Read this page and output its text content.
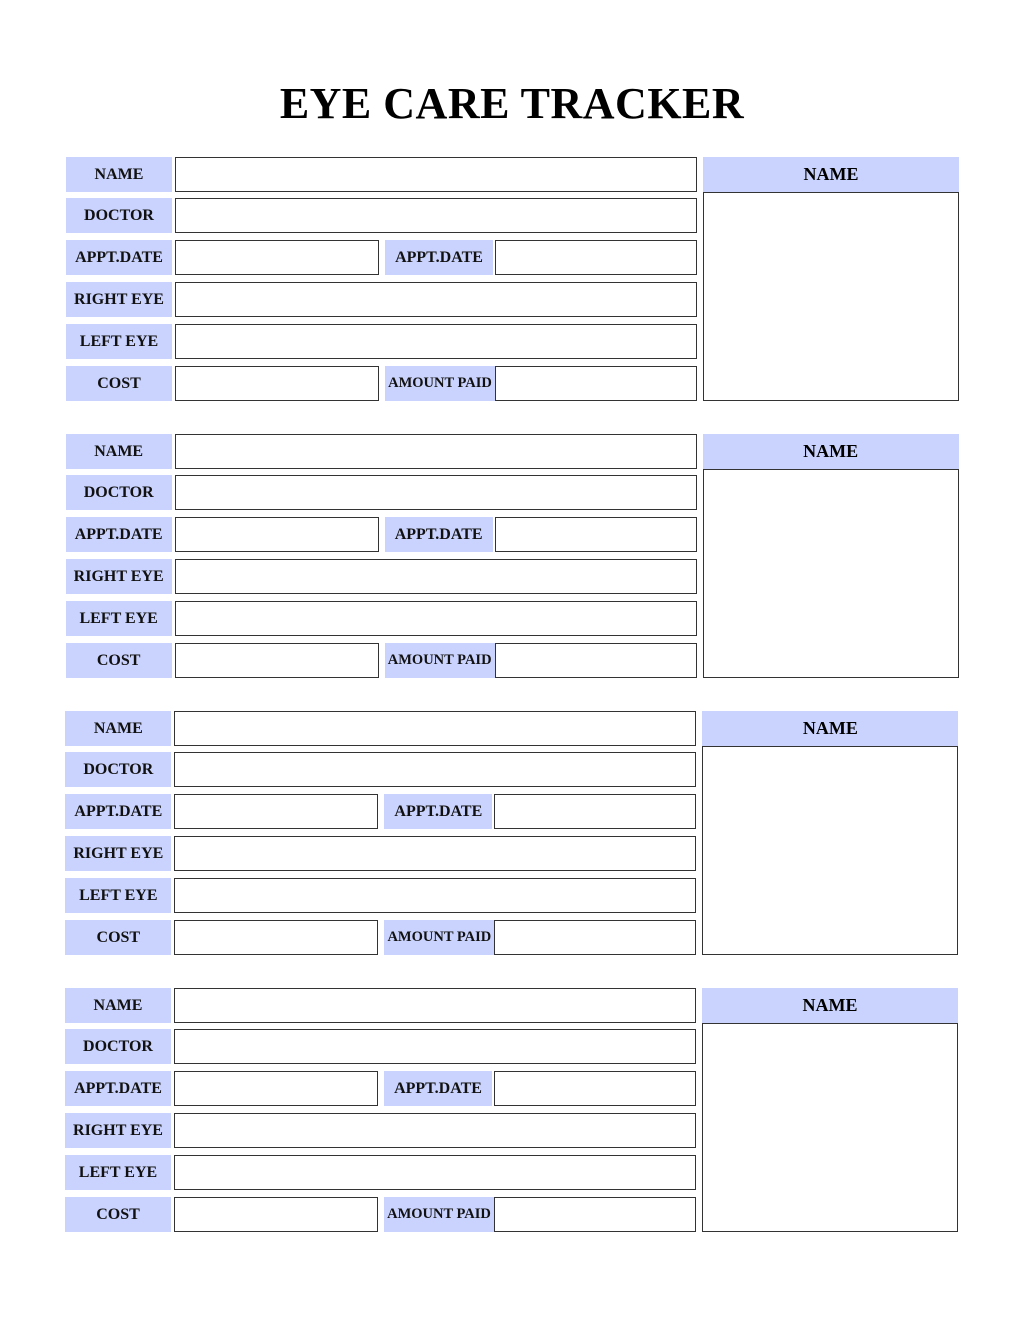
EYE CARE TRACKER
NAME
DOCTOR
APPT.DATE	APPT.DATE
RIGHT EYE
LEFT EYE
COST	AMOUNT PAID
NAME
NAME
DOCTOR
APPT.DATE	APPT.DATE
RIGHT EYE
LEFT EYE
COST	AMOUNT PAID
NAME
NAME
DOCTOR
APPT.DATE	APPT.DATE
RIGHT EYE
LEFT EYE
COST	AMOUNT PAID
NAME
NAME
DOCTOR
APPT.DATE	APPT.DATE
RIGHT EYE
LEFT EYE
COST	AMOUNT PAID
NAME
